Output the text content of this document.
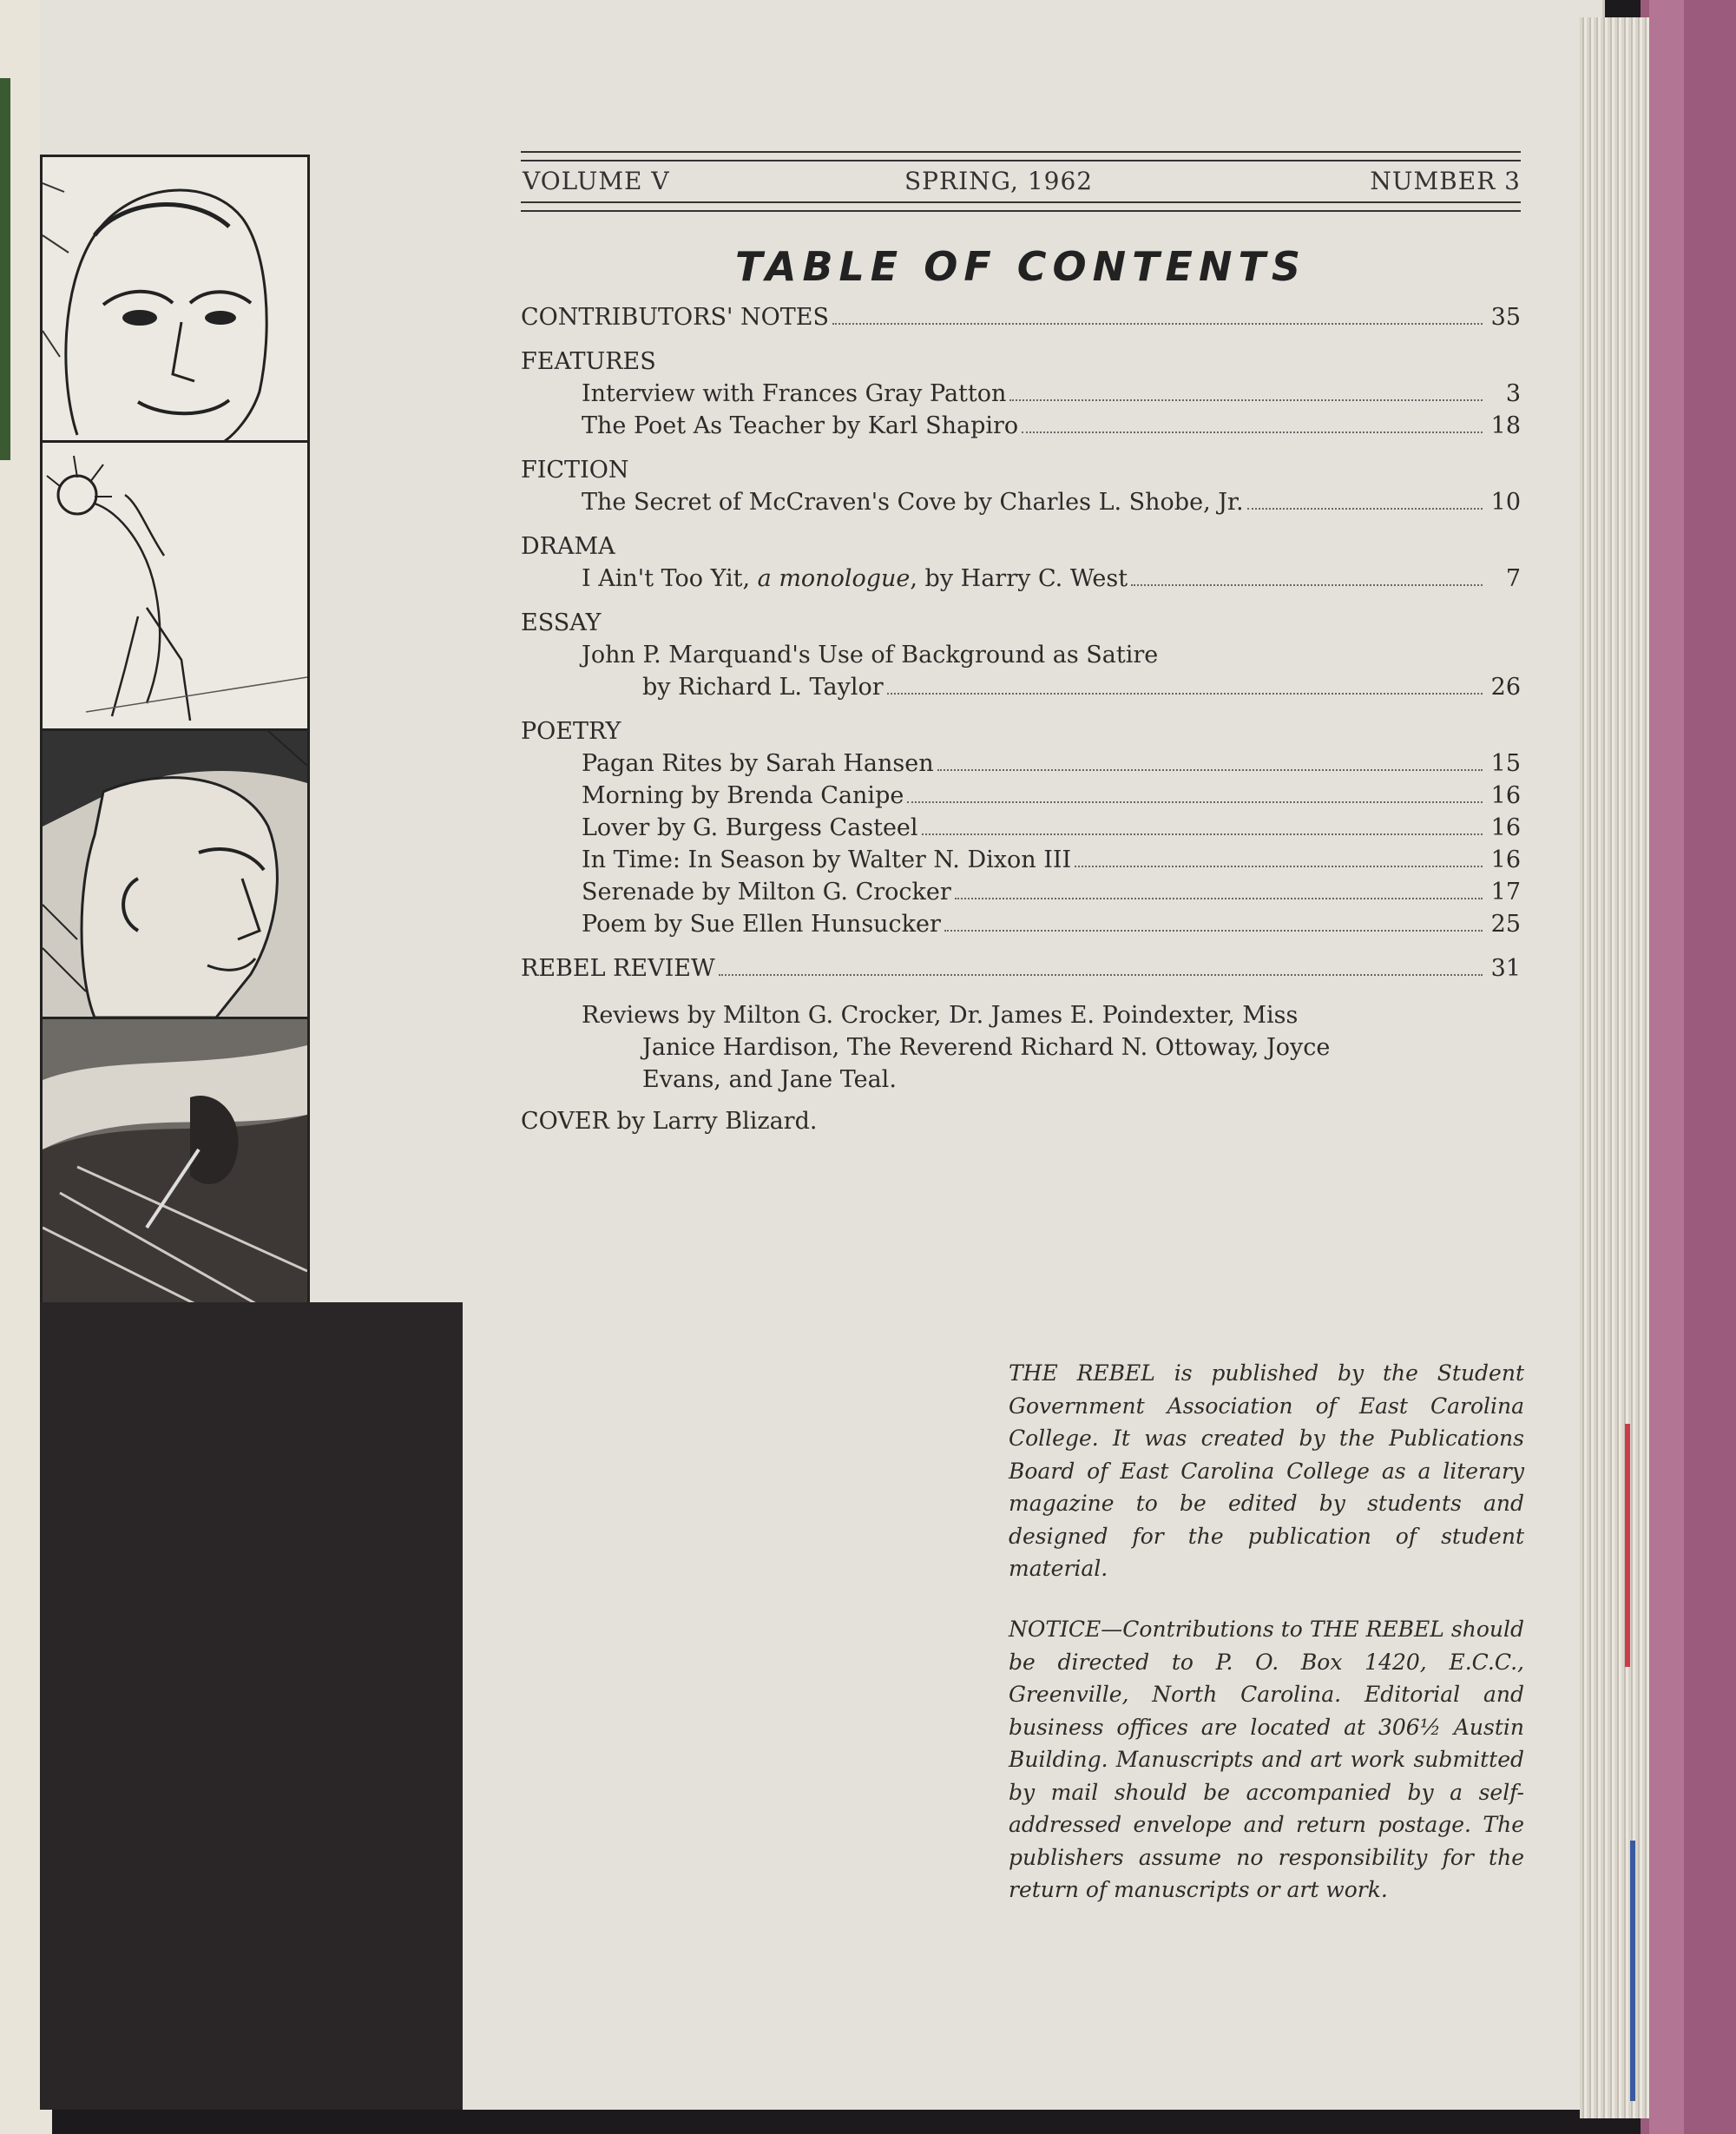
VOLUME V	SPRING, 1962	NUMBER 3
TABLE OF CONTENTS
CONTRIBUTORS' NOTES	35
FEATURES
Interview with Frances Gray Patton	3
The Poet As Teacher by Karl Shapiro	18
FICTION
The Secret of McCraven's Cove by Charles L. Shobe, Jr.	10
DRAMA
I Ain't Too Yit, a monologue, by Harry C. West	7
ESSAY
John P. Marquand's Use of Background as Satire
by Richard L. Taylor	26
POETRY
Pagan Rites by Sarah Hansen	15
Morning by Brenda Canipe	16
Lover by G. Burgess Casteel	16
In Time: In Season by Walter N. Dixon III	16
Serenade by Milton G. Crocker	17
Poem by Sue Ellen Hunsucker	25
REBEL REVIEW	31
Reviews by Milton G. Crocker, Dr. James E. Poindexter, Miss
Janice Hardison, The Reverend Richard N. Ottoway, Joyce
Evans, and Jane Teal.
COVER by Larry Blizard.
THE REBEL is published by the Student Government Association of East Carolina College. It was created by the Publications Board of East Carolina College as a literary magazine to be edited by students and designed for the publication of student material.
NOTICE—Contributions to THE REBEL should be directed to P. O. Box 1420, E.C.C., Greenville, North Carolina. Editorial and business offices are located at 306½ Austin Building. Manuscripts and art work submitted by mail should be accompanied by a self-addressed envelope and return postage. The publishers assume no responsibility for the return of manuscripts or art work.
